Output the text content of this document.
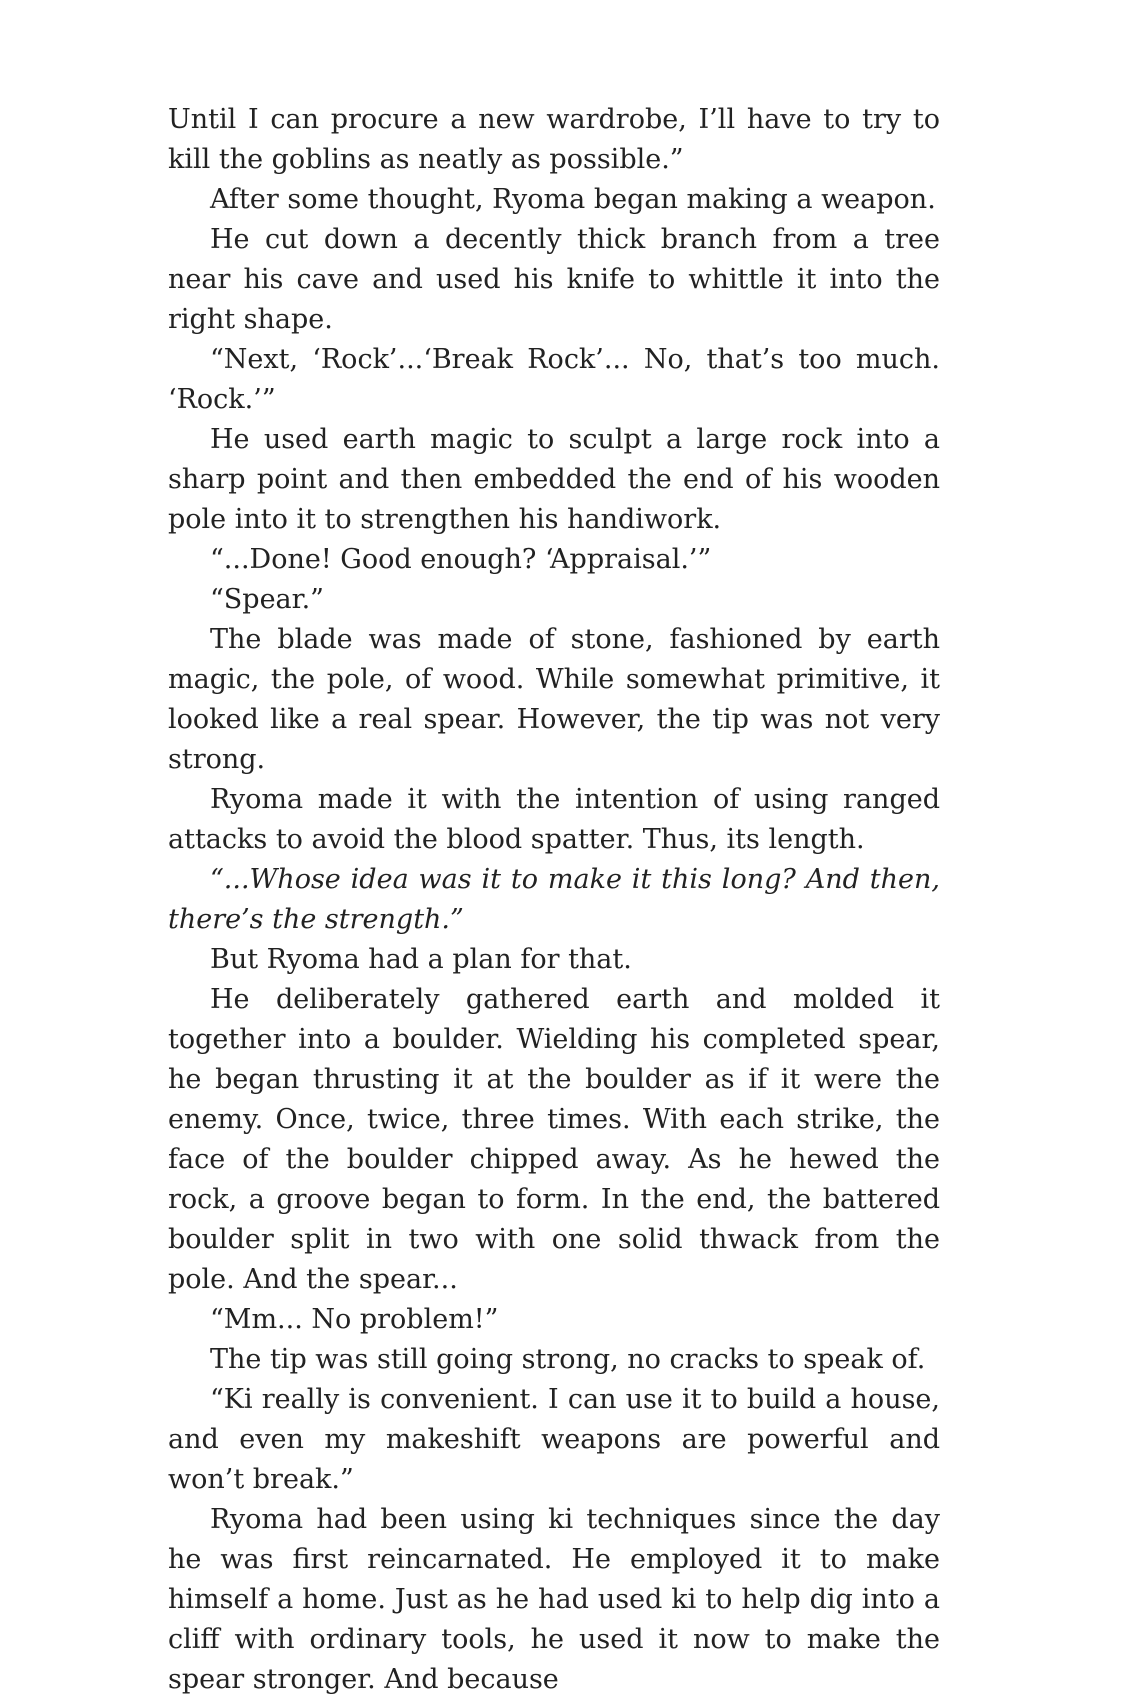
Until I can procure a new wardrobe, I’ll have to try to kill the goblins as neatly as possible.”

After some thought, Ryoma began making a weapon.

He cut down a decently thick branch from a tree near his cave and used his knife to whittle it into the right shape.

“Next, ‘Rock’...‘Break Rock’... No, that’s too much. ‘Rock.’”

He used earth magic to sculpt a large rock into a sharp point and then embedded the end of his wooden pole into it to strengthen his handiwork.

“...Done! Good enough? ‘Appraisal.’”

“Spear.”

The blade was made of stone, fashioned by earth magic, the pole, of wood. While somewhat primitive, it looked like a real spear. However, the tip was not very strong.

Ryoma made it with the intention of using ranged attacks to avoid the blood spatter. Thus, its length.

“...Whose idea was it to make it this long? And then, there’s the strength.”

But Ryoma had a plan for that.

He deliberately gathered earth and molded it together into a boulder. Wielding his completed spear, he began thrusting it at the boulder as if it were the enemy. Once, twice, three times. With each strike, the face of the boulder chipped away. As he hewed the rock, a groove began to form. In the end, the battered boulder split in two with one solid thwack from the pole. And the spear...

“Mm... No problem!”

The tip was still going strong, no cracks to speak of.

“Ki really is convenient. I can use it to build a house, and even my makeshift weapons are powerful and won’t break.”

Ryoma had been using ki techniques since the day he was first reincarnated. He employed it to make himself a home. Just as he had used ki to help dig into a cliff with ordinary tools, he used it now to make the spear stronger. And because
